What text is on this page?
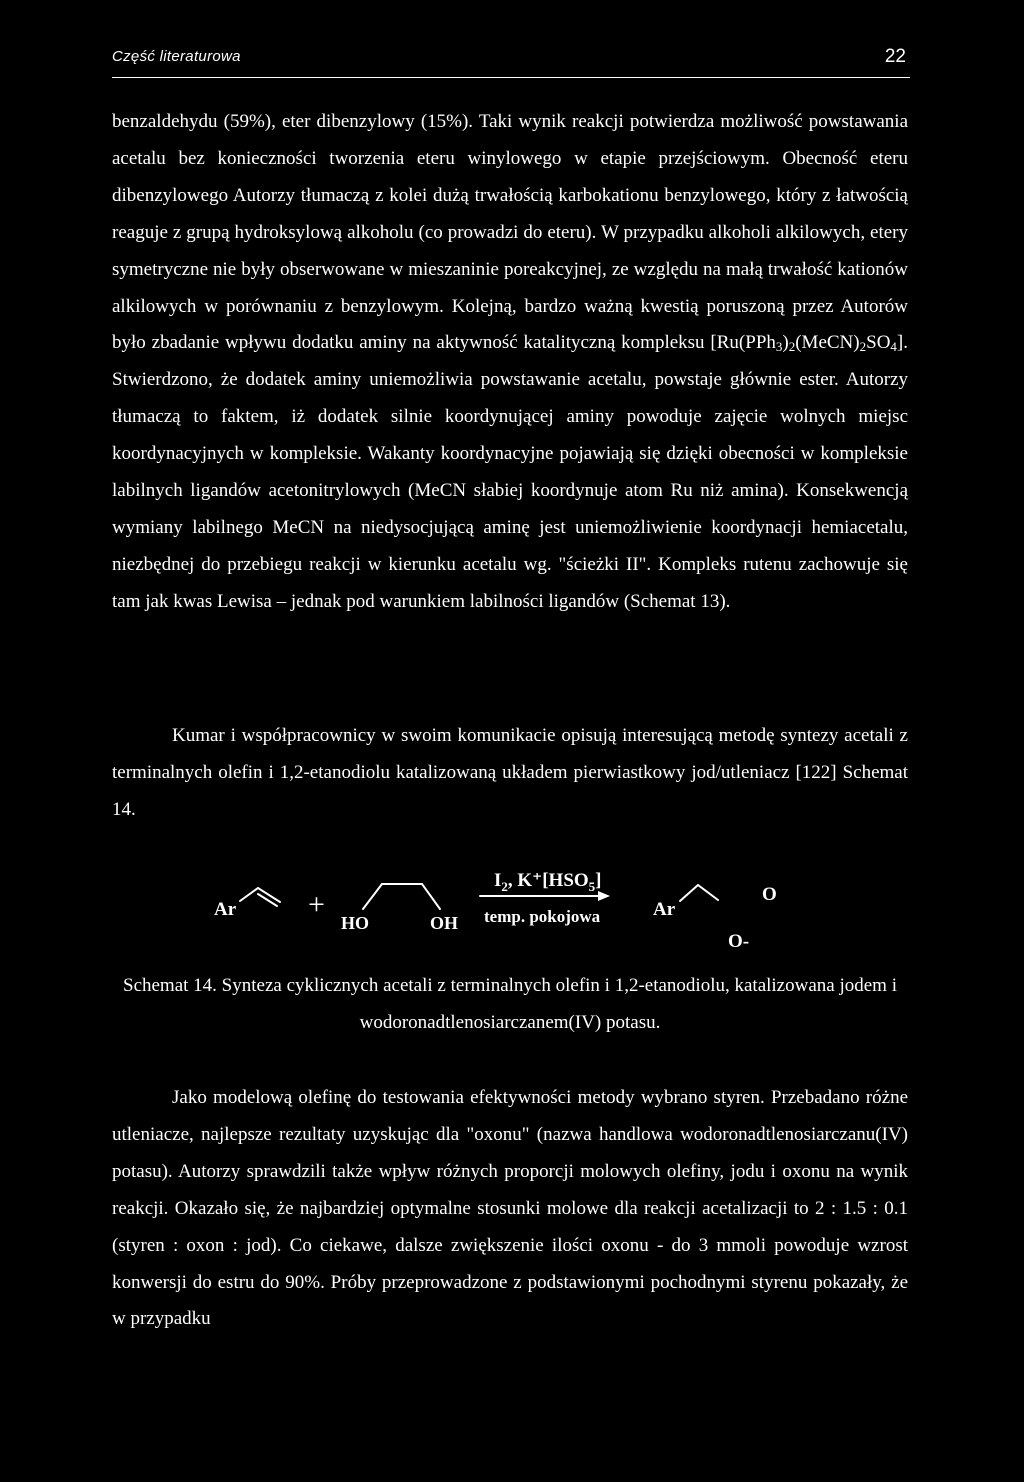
Część literaturowa	22

benzaldehydu (59%), eter dibenzylowy (15%). Taki wynik reakcji potwierdza możliwość powstawania acetalu bez konieczności tworzenia eteru winylowego w etapie przejściowym. Obecność eteru dibenzylowego Autorzy tłumaczą z kolei dużą trwałością karbokationu benzylowego, który z łatwością reaguje z grupą hydroksylową alkoholu (co prowadzi do eteru). W przypadku alkoholi alkilowych, etery symetryczne nie były obserwowane w mieszaninie poreakcyjnej, ze względu na małą trwałość kationów alkilowych w porównaniu z benzylowym. Kolejną, bardzo ważną kwestią poruszoną przez Autorów było zbadanie wpływu dodatku aminy na aktywność katalityczną kompleksu $[Ru(PPh_3)_2(MeCN)_2SO_4]$. Stwierdzono, że dodatek aminy uniemożliwia powstawanie acetalu, powstaje głównie ester. Autorzy tłumaczą to faktem, iż dodatek silnie koordynującej aminy powoduje zajęcie wolnych miejsc koordynacyjnych w kompleksie. Wakanty koordynacyjne pojawiają się dzięki obecności w kompleksie labilnych ligandów acetonitrylowych (MeCN słabiej koordynuje atom Ru niż amina). Konsekwencją wymiany labilnego MeCN na niedysocjującą aminę jest uniemożliwienie koordynacji hemiacetalu, niezbędnej do przebiegu reakcji w kierunku acetalu wg. "ścieżki II". Kompleks rutenu zachowuje się tam jak kwas Lewisa – jednak pod warunkiem labilności ligandów (Schemat 13).

Kumar i współpracownicy w swoim komunikacie opisują interesującą metodę syntezy acetali z terminalnych olefin i 1,2-etanodiolu katalizowaną układem pierwiastkowy jod/utleniacz [122] Schemat 14.

Ar +
HO	OH
$I_2$, $K^+[HSO_5]$
temp. pokojowa	Ar
O
O-

Schemat 14. Synteza cyklicznych acetali z terminalnych olefin i 1,2-etanodiolu, katalizowana jodem i wodoronadtlenosiarczanem(IV) potasu.

Jako modelową olefinę do testowania efektywności metody wybrano styren. Przebadano różne utleniacze, najlepsze rezultaty uzyskując dla "oxonu" (nazwa handlowa wodoronadtlenosiarczanu(IV) potasu). Autorzy sprawdzili także wpływ różnych proporcji molowych olefiny, jodu i oxonu na wynik reakcji. Okazało się, że najbardziej optymalne stosunki molowe dla reakcji acetalizacji to 2 : 1.5 : 0.1 (styren : oxon : jod). Co ciekawe, dalsze zwiększenie ilości oxonu - do 3 mmoli powoduje wzrost konwersji do estru do 90%. Próby przeprowadzone z podstawionymi pochodnymi styrenu pokazały, że w przypadku
